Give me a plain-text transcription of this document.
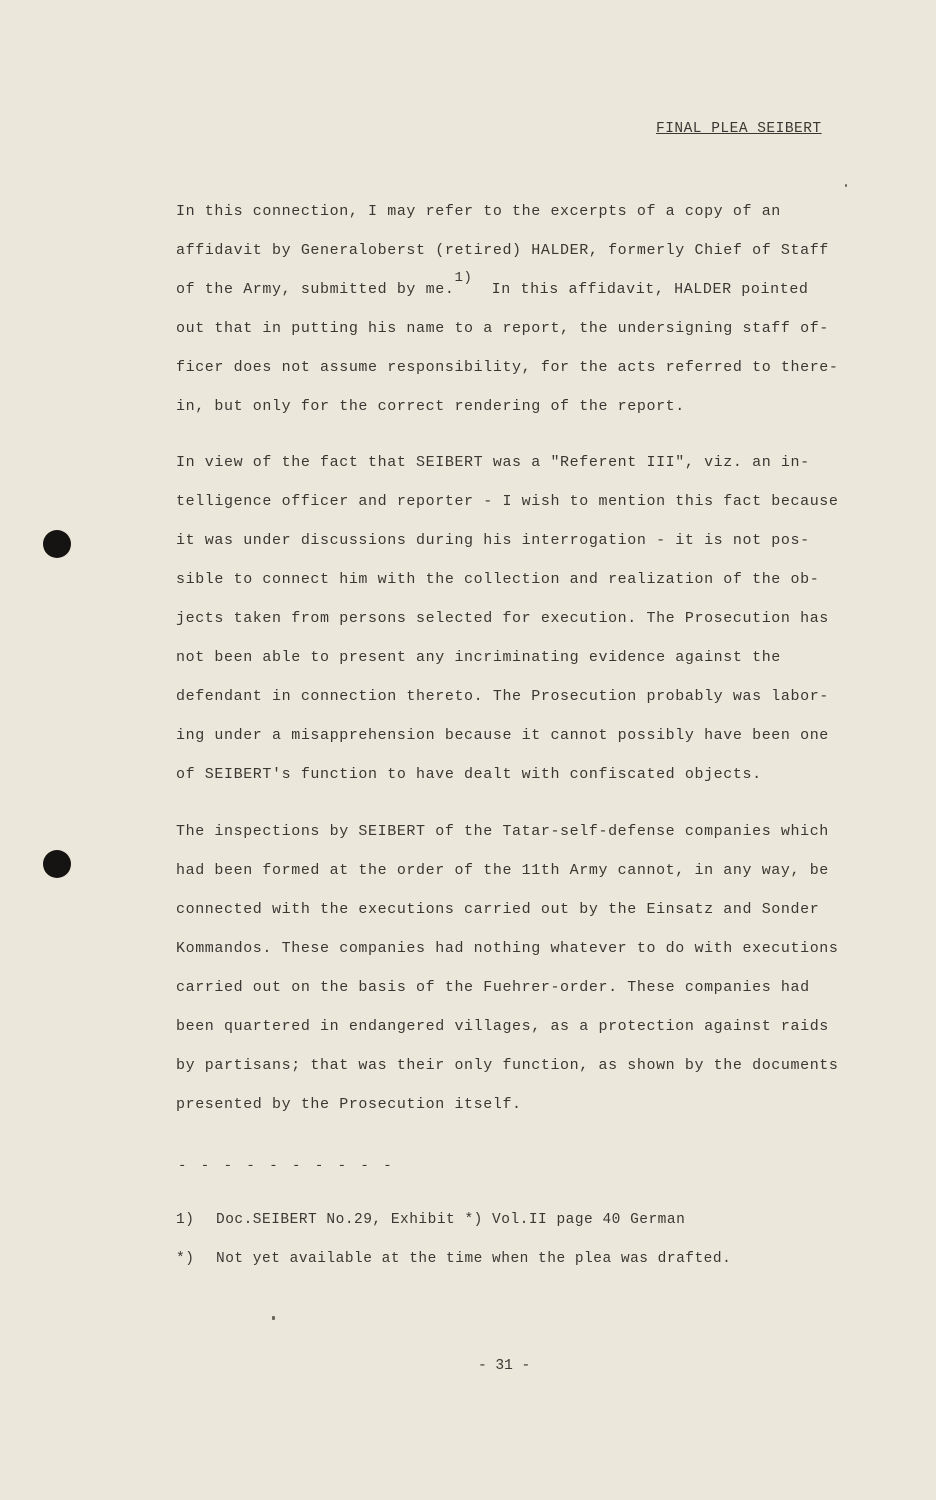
FINAL PLEA SEIBERT
In this connection, I may refer to the excerpts of a copy of an
affidavit by Generaloberst (retired) HALDER, formerly Chief of Staff
of the Army, submitted by me.1)  In this affidavit, HALDER pointed
out that in putting his name to a report, the undersigning staff of-
ficer does not assume responsibility, for the acts referred to there-
in, but only for the correct rendering of the report.
In view of the fact that SEIBERT was a "Referent III", viz. an in-
telligence officer and reporter - I wish to mention this fact because
it was under discussions during his interrogation - it is not pos-
sible to connect him with the collection and realization of the ob-
jects taken from persons selected for execution. The Prosecution has
not been able to present any incriminating evidence against the
defendant in connection thereto. The Prosecution probably was labor-
ing under a misapprehension because it cannot possibly have been one
of SEIBERT's function to have dealt with confiscated objects.
The inspections by SEIBERT of the Tatar-self-defense companies which
had been formed at the order of the 11th Army cannot, in any way, be
connected with the executions carried out by the Einsatz and Sonder
Kommandos. These companies had nothing whatever to do with executions
carried out on the basis of the Fuehrer-order. These companies had
been quartered in endangered villages, as a protection against raids
by partisans; that was their only function, as shown by the documents
presented by the Prosecution itself.
- - - - - - - - - -
1) Doc.SEIBERT No.29, Exhibit *) Vol.II page 40 German
*) Not yet available at the time when the plea was drafted.
- 31 -
